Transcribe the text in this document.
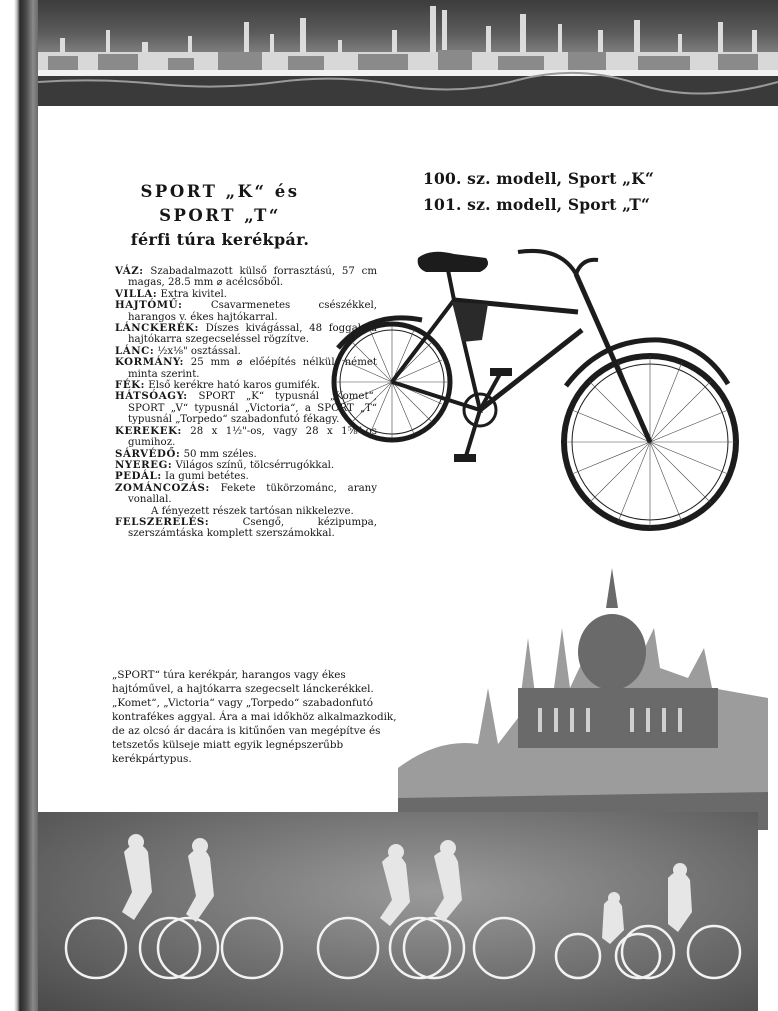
SPORT „K“ és
SPORT „T“
férfi túra kerékpár.
100. sz. modell, Sport „K“
101. sz. modell, Sport „T“

VÁZ: Szabadalmazott külső forrasztású, 57 cm magas, 28.5 mm ⌀ acélcsőből.

VILLA: Extra kivitel.

HAJTÓMŰ:	Csavarmenetes csészékkel, harangos v. ékes hajtókarral.

LÁNCKERÉK: Díszes kivágással, 48 foggal, a hajtókarra szegecseléssel rögzítve.

LÁNC: ½x⅛" osztással.

KORMÁNY: 25 mm ⌀ előépítés nélkül, német minta szerint.

FÉK: Első kerékre ható karos gumifék.

HÁTSÓAGY: SPORT „K“ typusnál „Komet“, SPORT „V“ typusnál „Victoria“, a SPORT „T“ typusnál „Torpedo“ szabadonfutó fékagy.

KEREKEK: 28 x 1½"-os, vagy 28 x 1⅝"-os gumihoz.

SÁRVÉDŐ: 50 mm széles.

NYEREG: Világos színű, tölcsérrugókkal.

PEDÁL: Ia gumi betétes.

ZOMÁNCOZÁS: Fekete tükörzománc, arany vonallal.

A fényezett részek tartósan nikkelezve.

FELSZERELÉS:	Csengő, kézipumpa, szerszámtáska komplett szerszámokkal.

„SPORT“ túra kerékpár, harangos vagy ékes hajtóművel, a hajtókarra szegecselt lánckerékkel. „Komet“, „Victoria“ vagy „Torpedo“ szabadonfutó kontrafékes aggyal. Ára a mai időkhöz alkalmazkodik, de az olcsó ár dacára is kitűnően van megépítve és tetszetős külseje miatt egyik legnépszerűbb kerékpártypus.
